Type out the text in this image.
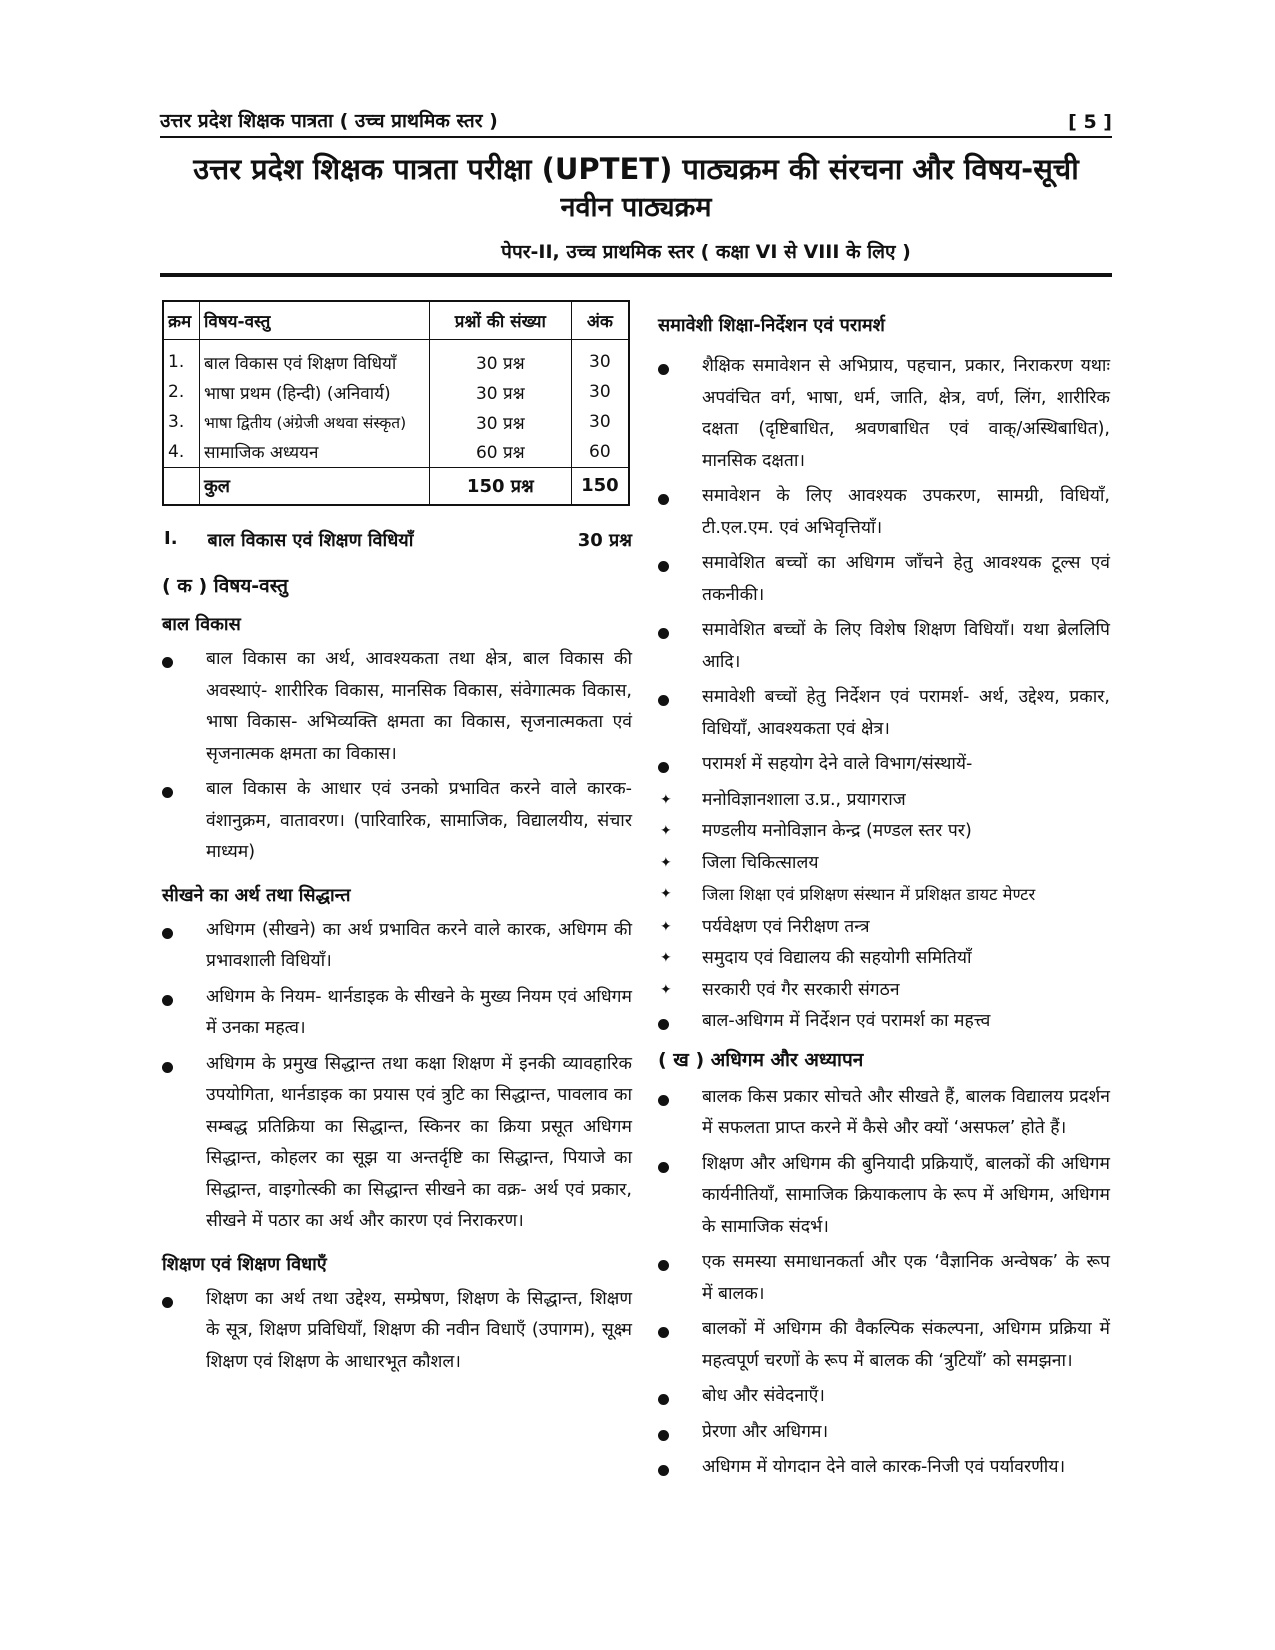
उत्तर प्रदेश शिक्षक पात्रता ( उच्च प्राथमिक स्तर )	[ 5 ]
उत्तर प्रदेश शिक्षक पात्रता परीक्षा (UPTET) पाठ्यक्रम की संरचना और विषय-सूची
नवीन पाठ्यक्रम
पेपर-II, उच्च प्राथमिक स्तर ( कक्षा VI से VIII के लिए )
क्रम	विषय-वस्तु	प्रश्नों की संख्या	अंक
1.	बाल विकास एवं शिक्षण विधियाँ	30 प्रश्न	30
2.	भाषा प्रथम (हिन्दी) (अनिवार्य)	30 प्रश्न	30
3.	भाषा द्वितीय (अंग्रेजी अथवा संस्कृत)	30 प्रश्न	30
4.	सामाजिक अध्ययन	60 प्रश्न	60
	कुल	150 प्रश्न	150
I. बाल विकास एवं शिक्षण विधियाँ	30 प्रश्न
( क ) विषय-वस्तु
बाल विकास
बाल विकास का अर्थ, आवश्यकता तथा क्षेत्र, बाल विकास की अवस्थाएं- शारीरिक विकास, मानसिक विकास, संवेगात्मक विकास, भाषा विकास- अभिव्यक्ति क्षमता का विकास, सृजनात्मकता एवं सृजनात्मक क्षमता का विकास।
बाल विकास के आधार एवं उनको प्रभावित करने वाले कारक- वंशानुक्रम, वातावरण। (पारिवारिक, सामाजिक, विद्यालयीय, संचार माध्यम)
सीखने का अर्थ तथा सिद्धान्त
अधिगम (सीखने) का अर्थ प्रभावित करने वाले कारक, अधिगम की प्रभावशाली विधियाँ।
अधिगम के नियम- थार्नडाइक के सीखने के मुख्य नियम एवं अधिगम में उनका महत्व।
अधिगम के प्रमुख सिद्धान्त तथा कक्षा शिक्षण में इनकी व्यावहारिक उपयोगिता, थार्नडाइक का प्रयास एवं त्रुटि का सिद्धान्त, पावलाव का सम्बद्ध प्रतिक्रिया का सिद्धान्त, स्किनर का क्रिया प्रसूत अधिगम सिद्धान्त, कोहलर का सूझ या अन्तर्दृष्टि का सिद्धान्त, पियाजे का सिद्धान्त, वाइगोत्स्की का सिद्धान्त सीखने का वक्र- अर्थ एवं प्रकार, सीखने में पठार का अर्थ और कारण एवं निराकरण।
शिक्षण एवं शिक्षण विधाएँ
शिक्षण का अर्थ तथा उद्देश्य, सम्प्रेषण, शिक्षण के सिद्धान्त, शिक्षण के सूत्र, शिक्षण प्रविधियाँ, शिक्षण की नवीन विधाएँ (उपागम), सूक्ष्म शिक्षण एवं शिक्षण के आधारभूत कौशल।
समावेशी शिक्षा-निर्देशन एवं परामर्श
शैक्षिक समावेशन से अभिप्राय, पहचान, प्रकार, निराकरण यथाः अपवंचित वर्ग, भाषा, धर्म, जाति, क्षेत्र, वर्ण, लिंग, शारीरिक दक्षता (दृष्टिबाधित, श्रवणबाधित एवं वाक्/अस्थिबाधित), मानसिक दक्षता।
समावेशन के लिए आवश्यक उपकरण, सामग्री, विधियाँ, टी.एल.एम. एवं अभिवृत्तियाँ।
समावेशित बच्चों का अधिगम जाँचने हेतु आवश्यक टूल्स एवं तकनीकी।
समावेशित बच्चों के लिए विशेष शिक्षण विधियाँ। यथा ब्रेललिपि आदि।
समावेशी बच्चों हेतु निर्देशन एवं परामर्श- अर्थ, उद्देश्य, प्रकार, विधियाँ, आवश्यकता एवं क्षेत्र।
परामर्श में सहयोग देने वाले विभाग/संस्थायें-
✦ मनोविज्ञानशाला उ.प्र., प्रयागराज
✦ मण्डलीय मनोविज्ञान केन्द्र (मण्डल स्तर पर)
✦ जिला चिकित्सालय
✦ जिला शिक्षा एवं प्रशिक्षण संस्थान में प्रशिक्षत डायट मेण्टर
✦ पर्यवेक्षण एवं निरीक्षण तन्त्र
✦ समुदाय एवं विद्यालय की सहयोगी समितियाँ
✦ सरकारी एवं गैर सरकारी संगठन
बाल-अधिगम में निर्देशन एवं परामर्श का महत्त्व
( ख ) अधिगम और अध्यापन
बालक किस प्रकार सोचते और सीखते हैं, बालक विद्यालय प्रदर्शन में सफलता प्राप्त करने में कैसे और क्यों ‘असफल’ होते हैं।
शिक्षण और अधिगम की बुनियादी प्रक्रियाएँ, बालकों की अधिगम कार्यनीतियाँ, सामाजिक क्रियाकलाप के रूप में अधिगम, अधिगम के सामाजिक संदर्भ।
एक समस्या समाधानकर्ता और एक ‘वैज्ञानिक अन्वेषक’ के रूप में बालक।
बालकों में अधिगम की वैकल्पिक संकल्पना, अधिगम प्रक्रिया में महत्वपूर्ण चरणों के रूप में बालक की ‘त्रुटियाँ’ को समझना।
बोध और संवेदनाएँ।
प्रेरणा और अधिगम।
अधिगम में योगदान देने वाले कारक-निजी एवं पर्यावरणीय।
